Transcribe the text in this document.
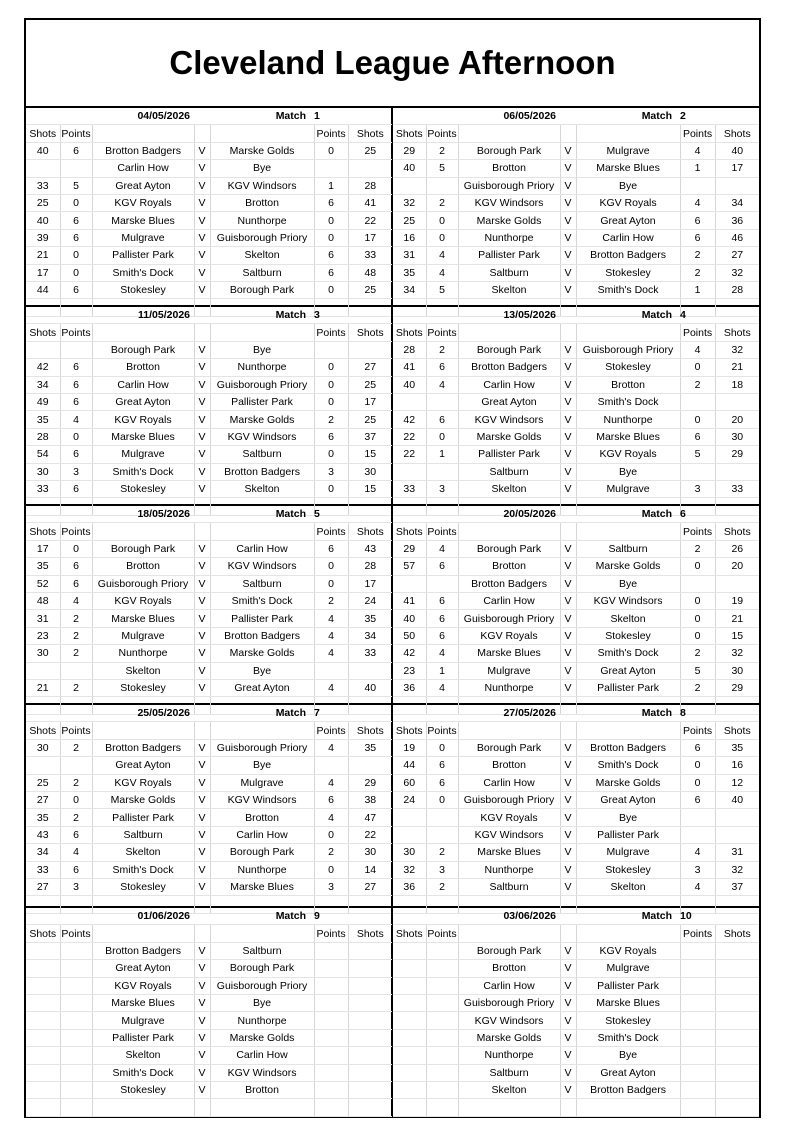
Cleveland League Afternoon
04/05/2026				Match	1	
Shots	Points				Points	Shots
40	6	Brotton Badgers	V	Marske Golds	0	25
		Carlin How	V	Bye		
33	5	Great Ayton	V	KGV Windsors	1	28
25	0	KGV Royals	V	Brotton	6	41
40	6	Marske Blues	V	Nunthorpe	0	22
39	6	Mulgrave	V	Guisborough Priory	0	17
21	0	Pallister Park	V	Skelton	6	33
17	0	Smith's Dock	V	Saltburn	6	48
44	6	Stokesley	V	Borough Park	0	25

06/05/2026				Match	2	
Shots	Points				Points	Shots
29	2	Borough Park	V	Mulgrave	4	40
40	5	Brotton	V	Marske Blues	1	17
		Guisborough Priory	V	Bye		
32	2	KGV Windsors	V	KGV Royals	4	34
25	0	Marske Golds	V	Great Ayton	6	36
16	0	Nunthorpe	V	Carlin How	6	46
31	4	Pallister Park	V	Brotton Badgers	2	27
35	4	Saltburn	V	Stokesley	2	32
34	5	Skelton	V	Smith's Dock	1	28

11/05/2026				Match	3	
Shots	Points				Points	Shots
		Borough Park	V	Bye		
42	6	Brotton	V	Nunthorpe	0	27
34	6	Carlin How	V	Guisborough Priory	0	25
49	6	Great Ayton	V	Pallister Park	0	17
35	4	KGV Royals	V	Marske Golds	2	25
28	0	Marske Blues	V	KGV Windsors	6	37
54	6	Mulgrave	V	Saltburn	0	15
30	3	Smith's Dock	V	Brotton Badgers	3	30
33	6	Stokesley	V	Skelton	0	15

13/05/2026				Match	4	
Shots	Points				Points	Shots
28	2	Borough Park	V	Guisborough Priory	4	32
41	6	Brotton Badgers	V	Stokesley	0	21
40	4	Carlin How	V	Brotton	2	18
		Great Ayton	V	Smith's Dock		
42	6	KGV Windsors	V	Nunthorpe	0	20
22	0	Marske Golds	V	Marske Blues	6	30
22	1	Pallister Park	V	KGV Royals	5	29
		Saltburn	V	Bye		
33	3	Skelton	V	Mulgrave	3	33

18/05/2026				Match	5	
Shots	Points				Points	Shots
17	0	Borough Park	V	Carlin How	6	43
35	6	Brotton	V	KGV Windsors	0	28
52	6	Guisborough Priory	V	Saltburn	0	17
48	4	KGV Royals	V	Smith's Dock	2	24
31	2	Marske Blues	V	Pallister Park	4	35
23	2	Mulgrave	V	Brotton Badgers	4	34
30	2	Nunthorpe	V	Marske Golds	4	33
		Skelton	V	Bye		
21	2	Stokesley	V	Great Ayton	4	40

20/05/2026				Match	6	
Shots	Points				Points	Shots
29	4	Borough Park	V	Saltburn	2	26
57	6	Brotton	V	Marske Golds	0	20
		Brotton Badgers	V	Bye		
41	6	Carlin How	V	KGV Windsors	0	19
40	6	Guisborough Priory	V	Skelton	0	21
50	6	KGV Royals	V	Stokesley	0	15
42	4	Marske Blues	V	Smith's Dock	2	32
23	1	Mulgrave	V	Great Ayton	5	30
36	4	Nunthorpe	V	Pallister Park	2	29

25/05/2026				Match	7	
Shots	Points				Points	Shots
30	2	Brotton Badgers	V	Guisborough Priory	4	35
		Great Ayton	V	Bye		
25	2	KGV Royals	V	Mulgrave	4	29
27	0	Marske Golds	V	KGV Windsors	6	38
35	2	Pallister Park	V	Brotton	4	47
43	6	Saltburn	V	Carlin How	0	22
34	4	Skelton	V	Borough Park	2	30
33	6	Smith's Dock	V	Nunthorpe	0	14
27	3	Stokesley	V	Marske Blues	3	27

27/05/2026				Match	8	
Shots	Points				Points	Shots
19	0	Borough Park	V	Brotton Badgers	6	35
44	6	Brotton	V	Smith's Dock	0	16
60	6	Carlin How	V	Marske Golds	0	12
24	0	Guisborough Priory	V	Great Ayton	6	40
		KGV Royals	V	Bye		
		KGV Windsors	V	Pallister Park		
30	2	Marske Blues	V	Mulgrave	4	31
32	3	Nunthorpe	V	Stokesley	3	32
36	2	Saltburn	V	Skelton	4	37

01/06/2026				Match	9	
Shots	Points				Points	Shots
		Brotton Badgers	V	Saltburn		
		Great Ayton	V	Borough Park		
		KGV Royals	V	Guisborough Priory		
		Marske Blues	V	Bye		
		Mulgrave	V	Nunthorpe		
		Pallister Park	V	Marske Golds		
		Skelton	V	Carlin How		
		Smith's Dock	V	KGV Windsors		
		Stokesley	V	Brotton		

03/06/2026				Match	10	
Shots	Points				Points	Shots
		Borough Park	V	KGV Royals		
		Brotton	V	Mulgrave		
		Carlin How	V	Pallister Park		
		Guisborough Priory	V	Marske Blues		
		KGV Windsors	V	Stokesley		
		Marske Golds	V	Smith's Dock		
		Nunthorpe	V	Bye		
		Saltburn	V	Great Ayton		
		Skelton	V	Brotton Badgers		
